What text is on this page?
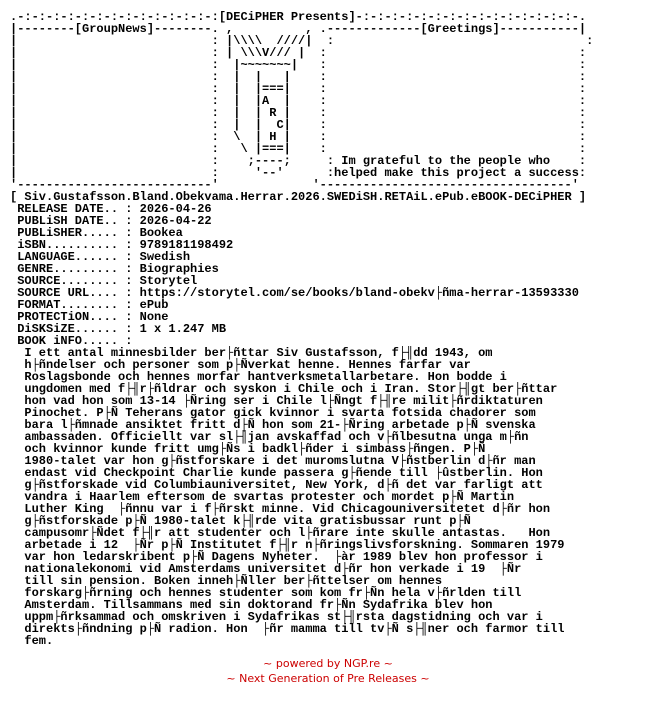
.-:-:-:-:-:-:-:-:-:-:-:-:-:-:[DECiPHER Presents]-:-:-:-:-:-:-:-:-:-:-:-:-:-:-:-.
|--------[GroupNews]--------. ,          , .-------------[Greetings]-----------|
|                           : |\\\\  ////|  :                                   :
|                           : | \\\V/// |  :                                   :
|                           :  |~~~~~~~|   :                                   :
|                           :  |  |   |    :                                   :
|                           :  |  |===|    :                                   :
|                           :  |  |A  |    :                                   :
|                           :  |  | R |    :                                   :
|                           :  |  |  C|    :                                   :
|                           :  \  | H |    :                                   :
|                           :   \ |===|    :                                   :
|                           :    ;----;     : Im grateful to the people who    :
|                           :     '--'      :helped make this project a success:
'---------------------------'             '-----------------------------------'
[ Siv.Gustafsson.Bland.Obekvama.Herrar.2026.SWEDiSH.RETAiL.ePub.eBOOK-DECiPHER ]
RELEASE DATE.. : 2026-04-26
PUBLiSH DATE.. : 2026-04-22
PUBLiSHER..... : Bookea
iSBN.......... : 9789181198492
LANGUAGE...... : Swedish
GENRE......... : Biographies
SOURCE........ : Storytel
SOURCE URL.... : https://storytel.com/se/books/bland-obekv├ñma-herrar-13593330
FORMAT........ : ePub
PROTECTiON.... : None
DiSKSiZE...... : 1 x 1.247 MB
BOOK iNFO..... :
I ett antal minnesbilder ber├ñttar Siv Gustafsson, f├╢dd 1943, om
h├ñndelser och personer som p├Ñverkat henne. Hennes farfar var
Roslagsbonde och hennes morfar hantverksmetallarbetare. Hon bodde i
ungdomen med f├╢r├ñldrar och syskon i Chile och i Iran. Stor├╢gt ber├ñttar
hon vad hon som 13-14 ├Ñring ser i Chile l├Ñngt f├╢re milit├ñrdiktaturen
Pinochet. P├Ñ Teherans gator gick kvinnor i svarta fotsida chadorer som
bara l├ñmnade ansiktet fritt d├Ñ hon som 21-├Ñring arbetade p├Ñ svenska
ambassaden. Officiellt var sl├╢jan avskaffad och v├ñlbesutna unga m├ñn
och kvinnor kunde fritt umg├Ñs i badkl├ñder i simbass├ñngen. P├Ñ
1980-talet var hon g├ñstforskare i det muromslutna V├ñstberlin d├ñr man
endast vid Checkpoint Charlie kunde passera g├ñende till ├ûstberlin. Hon
g├ñstforskade vid Columbiauniversitet, New York, d├ñ det var farligt att
vandra i Haarlem eftersom de svartas protester och mordet p├Ñ Martin
Luther King  ├ñnnu var i f├ñrskt minne. Vid Chicagouniversitetet d├ñr hon
g├ñstforskade p├Ñ 1980-talet k├╢rde vita gratisbussar runt p├Ñ
campusomr├Ñdet f├╢r att studenter och l├ñrare inte skulle antastas.   Hon
arbetade i 12  ├Ñr p├Ñ Institutet f├╢r n├ñringslivsforskning. Sommaren 1979
var hon ledarskribent p├Ñ Dagens Nyheter.  ├àr 1989 blev hon professor i
nationalekonomi vid Amsterdams universitet d├ñr hon verkade i 19  ├Ñr
till sin pension. Boken inneh├Ñller ber├ñttelser om hennes
forskarg├ñrning och hennes studenter som kom fr├Ñn hela v├ñrlden till
Amsterdam. Tillsammans med sin doktorand fr├Ñn Sydafrika blev hon
uppm├ñrksammad och omskriven i Sydafrikas st├╢rsta dagstidning och var i
direkts├ñndning p├Ñ radion. Hon  ├ñr mamma till tv├Ñ s├╢ner och farmor till
fem.
~ powered by NGP.re ~
~ Next Generation of Pre Releases ~
